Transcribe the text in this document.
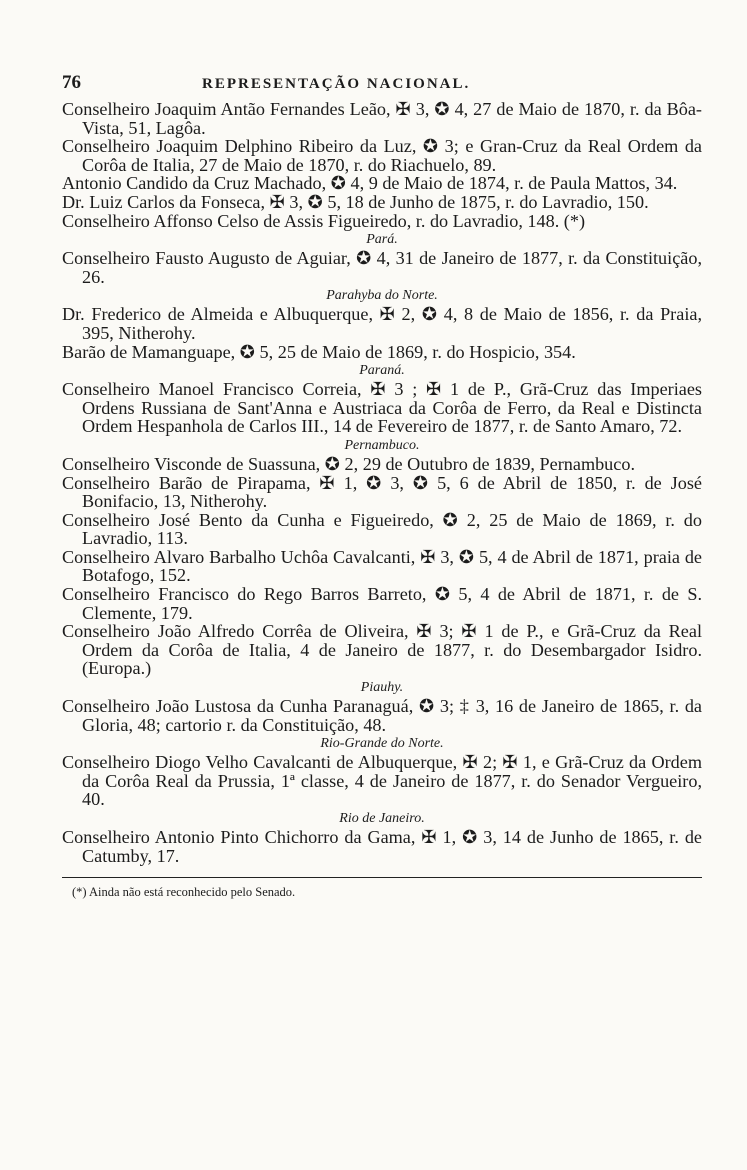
76	REPRESENTAÇÃO NACIONAL.

Conselheiro Joaquim Antão Fernandes Leão, ✠ 3, ✪ 4, 27 de Maio de 1870, r. da Bôa-Vista, 51, Lagôa.

Conselheiro Joaquim Delphino Ribeiro da Luz, ✪ 3; e Gran-Cruz da Real Ordem da Corôa de Italia, 27 de Maio de 1870, r. do Riachuelo, 89.

Antonio Candido da Cruz Machado, ✪ 4, 9 de Maio de 1874, r. de Paula Mattos, 34.

Dr. Luiz Carlos da Fonseca, ✠ 3, ✪ 5, 18 de Junho de 1875, r. do Lavradio, 150.

Conselheiro Affonso Celso de Assis Figueiredo, r. do Lavradio, 148. (*)

Pará.

Conselheiro Fausto Augusto de Aguiar, ✪ 4, 31 de Janeiro de 1877, r. da Constituição, 26.

Parahyba do Norte.

Dr. Frederico de Almeida e Albuquerque, ✠ 2, ✪ 4, 8 de Maio de 1856, r. da Praia, 395, Nitherohy.

Barão de Mamanguape, ✪ 5, 25 de Maio de 1869, r. do Hospicio, 354.

Paraná.

Conselheiro Manoel Francisco Correia, ✠ 3 ; ✠ 1 de P., Grã-Cruz das Imperiaes Ordens Russiana de Sant'Anna e Austriaca da Corôa de Ferro, da Real e Distincta Ordem Hespanhola de Carlos III., 14 de Fevereiro de 1877, r. de Santo Amaro, 72.

Pernambuco.

Conselheiro Visconde de Suassuna, ✪ 2, 29 de Outubro de 1839, Pernambuco.

Conselheiro Barão de Pirapama, ✠ 1, ✪ 3, ✪ 5, 6 de Abril de 1850, r. de José Bonifacio, 13, Nitherohy.

Conselheiro José Bento da Cunha e Figueiredo, ✪ 2, 25 de Maio de 1869, r. do Lavradio, 113.

Conselheiro Alvaro Barbalho Uchôa Cavalcanti, ✠ 3, ✪ 5, 4 de Abril de 1871, praia de Botafogo, 152.

Conselheiro Francisco do Rego Barros Barreto, ✪ 5, 4 de Abril de 1871, r. de S. Clemente, 179.

Conselheiro João Alfredo Corrêa de Oliveira, ✠ 3; ✠ 1 de P., e Grã-Cruz da Real Ordem da Corôa de Italia, 4 de Janeiro de 1877, r. do Desembargador Isidro. (Europa.)

Piauhy.

Conselheiro João Lustosa da Cunha Paranaguá, ✪ 3; ‡ 3, 16 de Janeiro de 1865, r. da Gloria, 48; cartorio r. da Constituição, 48.

Rio-Grande do Norte.

Conselheiro Diogo Velho Cavalcanti de Albuquerque, ✠ 2; ✠ 1, e Grã-Cruz da Ordem da Corôa Real da Prussia, 1ª classe, 4 de Janeiro de 1877, r. do Senador Vergueiro, 40.

Rio de Janeiro.

Conselheiro Antonio Pinto Chichorro da Gama, ✠ 1, ✪ 3, 14 de Junho de 1865, r. de Catumby, 17.

(*) Ainda não está reconhecido pelo Senado.
